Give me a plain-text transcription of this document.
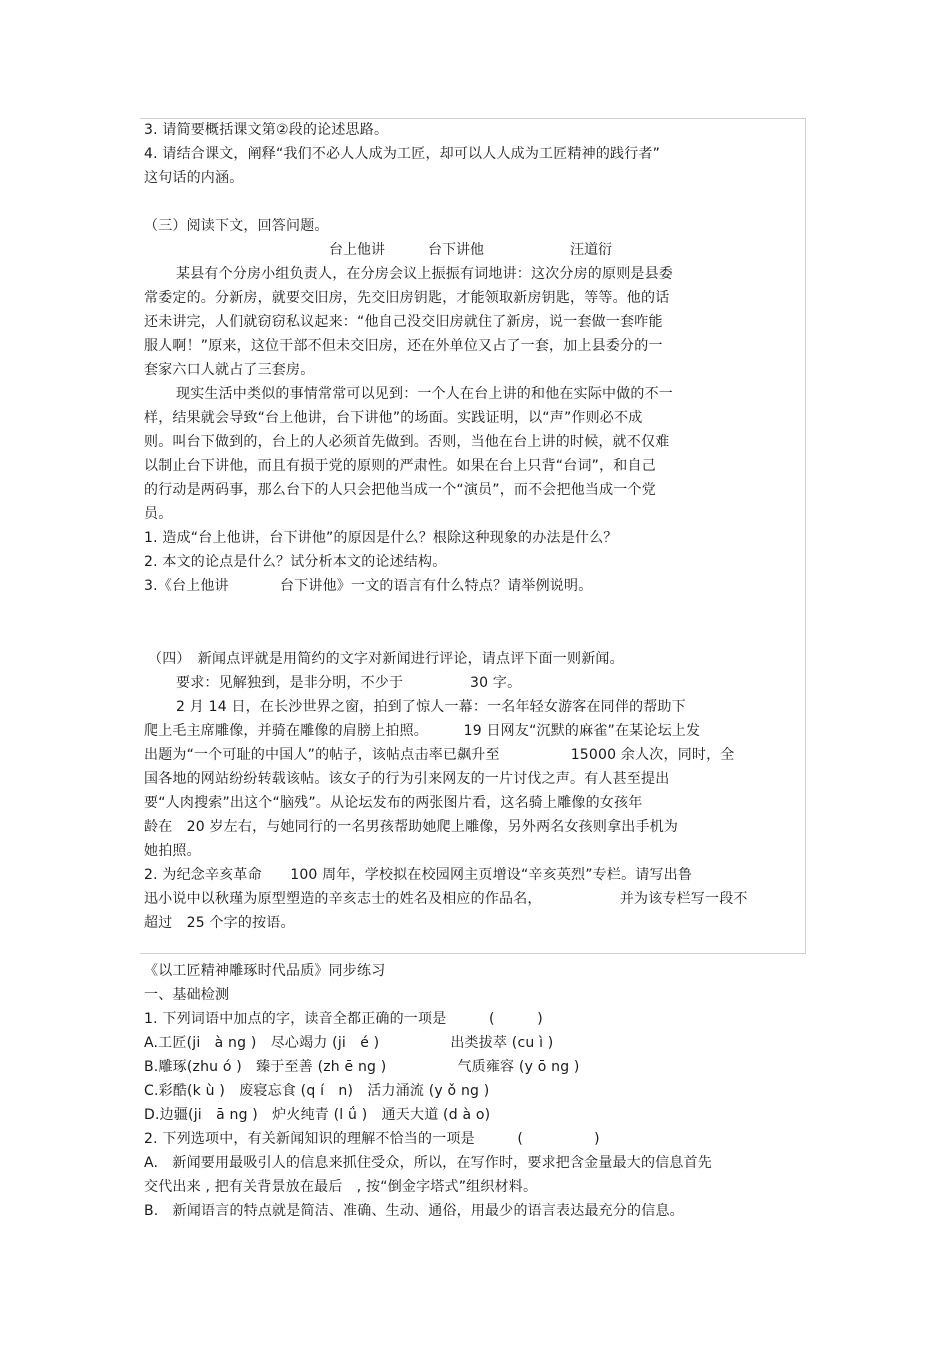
3. 请简要概括课文第②段的论述思路。
4. 请结合课文，阐释“我们不必人人成为工匠，却可以人人成为工匠精神的践行者”
这句话的内涵。
（三）阅读下文，回答问题。
台上他讲	台下讲他	汪道衍
某县有个分房小组负责人，在分房会议上振振有词地讲：这次分房的原则是县委
常委定的。分新房，就要交旧房，先交旧房钥匙，才能领取新房钥匙，等等。他的话
还未讲完，人们就窃窃私议起来：“他自己没交旧房就住了新房，说一套做一套咋能
服人啊！”原来，这位干部不但未交旧房，还在外单位又占了一套，加上县委分的一
套家六口人就占了三套房。
现实生活中类似的事情常常可以见到：一个人在台上讲的和他在实际中做的不一
样，结果就会导致“台上他讲，台下讲他”的场面。实践证明，以“声”作则必不成
则。叫台下做到的，台上的人必须首先做到。否则，当他在台上讲的时候，就不仅难
以制止台下讲他，而且有损于党的原则的严肃性。如果在台上只背“台词”，和自己
的行动是两码事，那么台下的人只会把他当成一个“演员”，而不会把他当成一个党
员。
1. 造成“台上他讲，台下讲他”的原因是什么？根除这种现象的办法是什么？
2. 本文的论点是什么？试分析本文的论述结构。
3.《台上他讲	台下讲他》一文的语言有什么特点？请举例说明。
（四）　新闻点评就是用简约的文字对新闻进行评论，请点评下面一则新闻。
要求：见解独到，是非分明，不少于	30 字。
2 月 14 日，在长沙世界之窗，拍到了惊人一幕：一名年轻女游客在同伴的帮助下
爬上毛主席雕像，并骑在雕像的肩膀上拍照。　　　19 日网友“沉默的麻雀”在某论坛上发
出题为“一个可耻的中国人”的帖子，该帖点击率已飙升至　　　　　15000 余人次，同时，全
国各地的网站纷纷转载该帖。该女子的行为引来网友的一片讨伐之声。有人甚至提出
要“人肉搜索”出这个“脑残”。从论坛发布的两张图片看，这名骑上雕像的女孩年
龄在　20 岁左右，与她同行的一名男孩帮助她爬上雕像，另外两名女孩则拿出手机为
她拍照。
2. 为纪念辛亥革命　　100 周年，学校拟在校园网主页增设“辛亥英烈”专栏。请写出鲁
迅小说中以秋瑾为原型塑造的辛亥志士的姓名及相应的作品名，　　　　　　并为该专栏写一段不
超过　25 个字的按语。
《以工匠精神雕琢时代品质》同步练习
一、基础检测
1. 下列词语中加点的字，读音全都正确的一项是　　　(　　　)
A.工匠(ji　à ng )　尽心竭力 (ji　é )　　　　　出类拔萃 (cu ì )
B.雕琢(zhu ó )　臻于至善 (zh ē ng )　　　　　气质雍容 (y ō ng )
C.彩酷(k ù )　废寝忘食 (q í　n)　活力涌流 (y ǒ ng )
D.边疆(ji　ā ng )　炉火纯青 (l ǘ )　通天大道 (d à o)
2. 下列选项中，有关新闻知识的理解不恰当的一项是　　　(　　　　　)
A.　新闻要用最吸引人的信息来抓住受众，所以，在写作时，要求把含金量最大的信息首先
交代出来 , 把有关背景放在最后　, 按“倒金字塔式”组织材料。
B.　新闻语言的特点就是简洁、准确、生动、通俗，用最少的语言表达最充分的信息。
